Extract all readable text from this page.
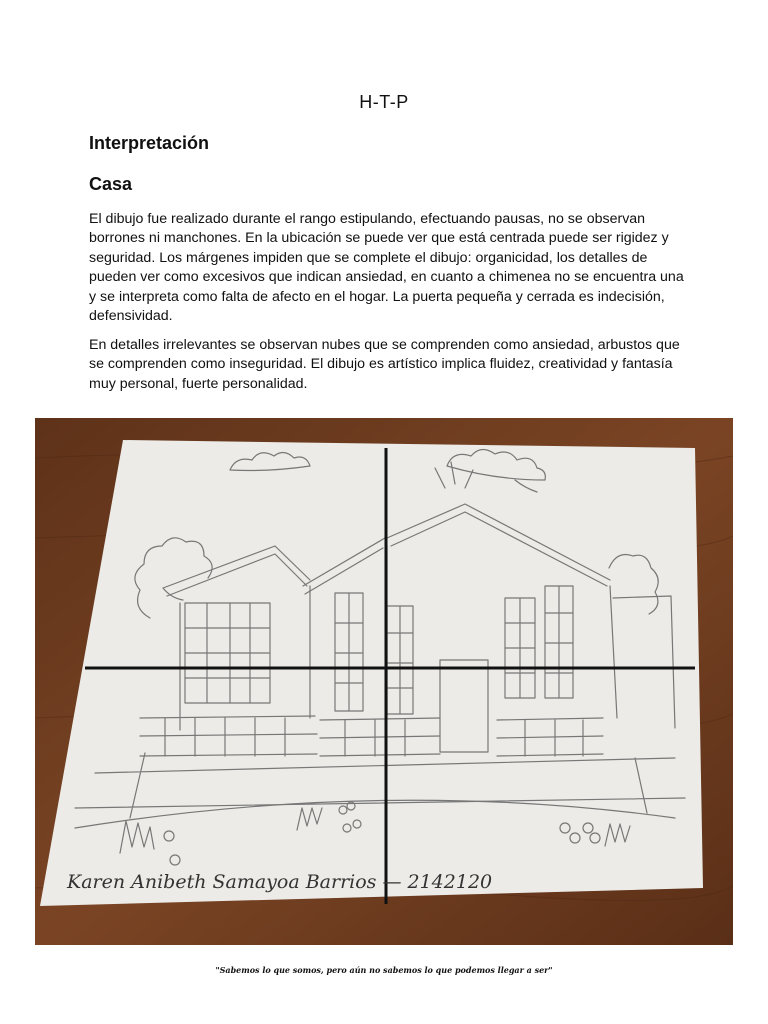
H-T-P
Interpretación
Casa

El dibujo fue realizado durante el rango estipulando, efectuando pausas, no se observan borrones ni manchones. En la ubicación se puede ver que está centrada puede ser rigidez y seguridad. Los márgenes impiden que se complete el dibujo: organicidad, los detalles de pueden ver como excesivos que indican ansiedad, en cuanto a chimenea no se encuentra una y se interpreta como falta de afecto en el hogar. La puerta pequeña y cerrada es indecisión, defensividad.

En detalles irrelevantes se observan nubes que se comprenden como ansiedad, arbustos que se comprenden como inseguridad. El dibujo es artístico implica fluidez, creatividad y fantasía muy personal, fuerte personalidad.

Karen Anibeth Samayoa Barrios — 2142120
"Sabemos lo que somos, pero aún no sabemos lo que podemos llegar a ser"
